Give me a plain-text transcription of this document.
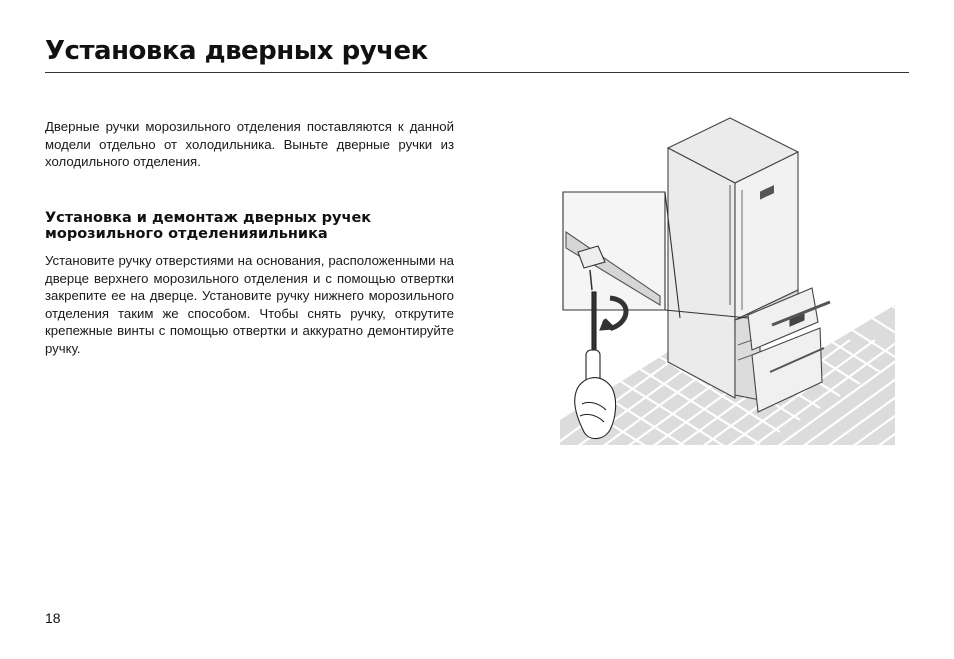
Установка дверных ручек

Дверные ручки морозильного отделения поставляются к данной модели отдельно от холодильника. Выньте дверные ручки из холодильного отделения.

Установка и демонтаж дверных ручек морозильного отделенияильника

Установите ручку отверстиями на основания, расположенными на дверце верхнего морозильного отделения и с помощью отвертки закрепите ее на дверце. Установите ручку нижнего морозильного отделения таким же способом. Чтобы снять ручку, открутите крепежные винты с помощью отвертки и аккуратно демонтируйте ручку.

18
